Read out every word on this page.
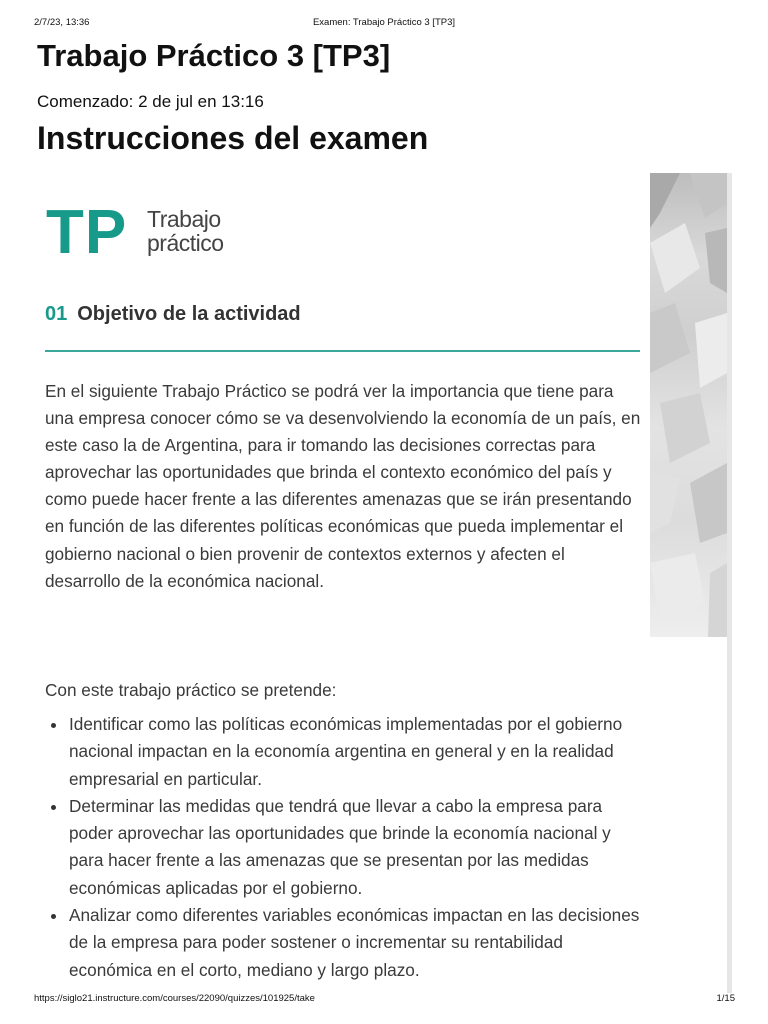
2/7/23, 13:36	Examen: Trabajo Práctico 3 [TP3]
Trabajo Práctico 3 [TP3]
Comenzado: 2 de jul en 13:16
Instrucciones del examen
TP Trabajo
práctico
01 Objetivo de la actividad

En el siguiente Trabajo Práctico se podrá ver la importancia que tiene para una empresa conocer cómo se va desenvolviendo la economía de un país, en este caso la de Argentina, para ir tomando las decisiones correctas para aprovechar las oportunidades que brinda el contexto económico del país y como puede hacer frente a las diferentes amenazas que se irán presentando en función de las diferentes políticas económicas que pueda implementar el gobierno nacional o bien provenir de contextos externos y afecten el desarrollo de la económica nacional.

Con este trabajo práctico se pretende:

Identificar como las políticas económicas implementadas por el gobierno nacional impactan en la economía argentina en general y en la realidad empresarial en particular.
Determinar las medidas que tendrá que llevar a cabo la empresa para poder aprovechar las oportunidades que brinde la economía nacional y para hacer frente a las amenazas que se presentan por las medidas económicas aplicadas por el gobierno.
Analizar como diferentes variables económicas impactan en las decisiones de la empresa para poder sostener o incrementar su rentabilidad económica en el corto, mediano y largo plazo.
https://siglo21.instructure.com/courses/22090/quizzes/101925/take	1/15
